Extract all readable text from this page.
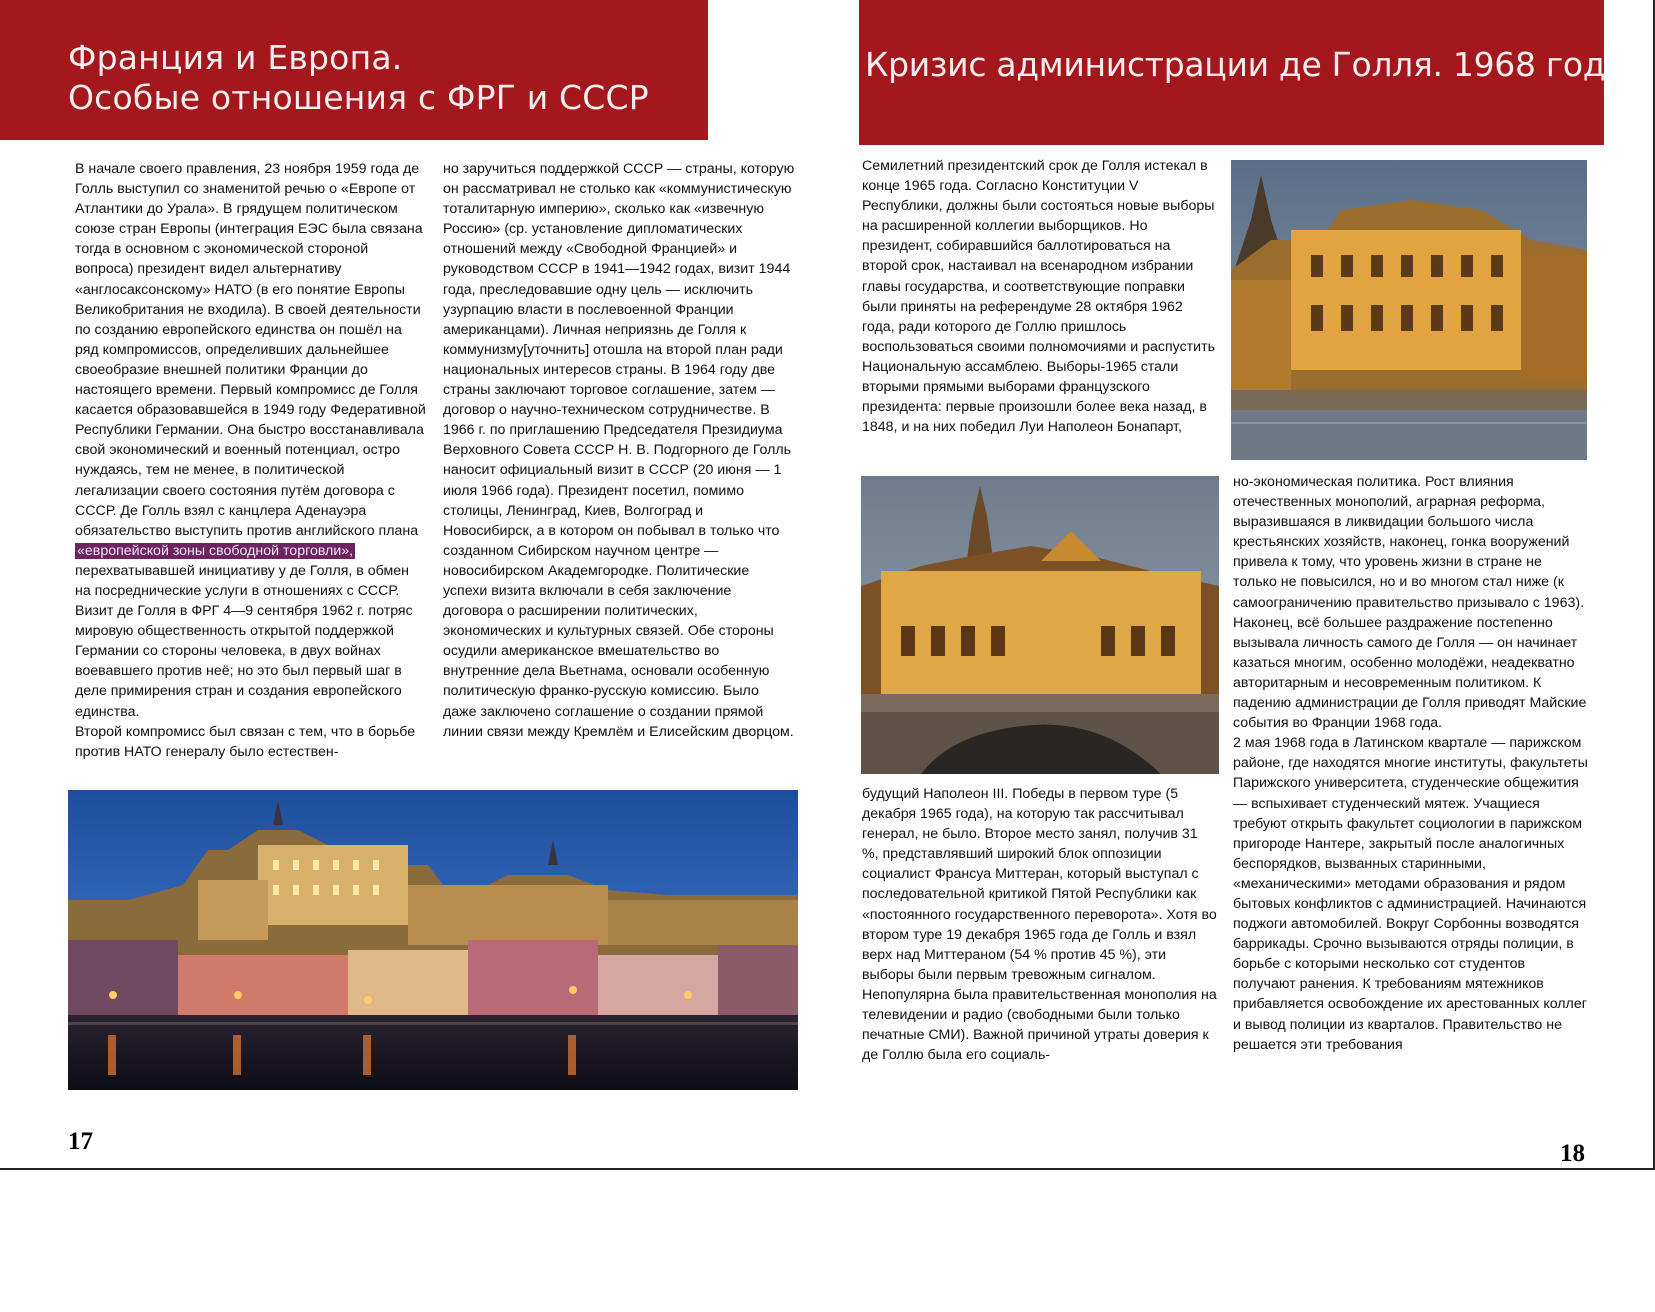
Франция и Европа.
Особые отношения с ФРГ и СССР
Кризис администрации де Голля. 1968 год

В начале своего правления, 23 ноября 1959 года де Голль выступил со знаменитой речью о «Европе от Атлантики до Урала». В грядущем политическом союзе стран Европы (интеграция ЕЭС была связана тогда в основном с экономической стороной вопроса) президент видел альтернативу «англосаксонскому» НАТО (в его понятие Европы Великобритания не входила). В своей деятельности по созданию европейского единства он пошёл на ряд компромиссов, определивших дальнейшее своеобразие внешней политики Франции до настоящего времени. Первый компромисс де Голля касается образовавшейся в 1949 году Федеративной Республики Германии. Она быстро восстанавливала свой экономический и военный потенциал, остро нуждаясь, тем не менее, в политической легализации своего состояния путём договора с СССР. Де Голль взял с канцлера Аденауэра обязательство выступить против английского плана «европейской зоны свободной торговли», перехватывавшей инициативу у де Голля, в обмен на посреднические услуги в отношениях с СССР. Визит де Голля в ФРГ 4—9 сентября 1962 г. потряс мировую общественность открытой поддержкой Германии со стороны человека, в двух войнах воевавшего против неё; но это был первый шаг в деле примирения стран и создания европейского единства.

Второй компромисс был связан с тем, что в борьбе против НАТО генералу было естествен-

но заручиться поддержкой СССР — страны, которую он рассматривал не столько как «коммунистическую тоталитарную империю», сколько как «извечную Россию» (ср. установление дипломатических отношений между «Свободной Францией» и руководством СССР в 1941—1942 годах, визит 1944 года, преследовавшие одну цель — исключить узурпацию власти в послевоенной Франции американцами). Личная неприязнь де Голля к коммунизму[уточнить] отошла на второй план ради национальных интересов страны. В 1964 году две страны заключают торговое соглашение, затем — договор о научно-техническом сотрудничестве. В 1966 г. по приглашению Председателя Президиума Верховного Совета СССР Н. В. Подгорного де Голль наносит официальный визит в СССР (20 июня — 1 июля 1966 года). Президент посетил, помимо столицы, Ленинград, Киев, Волгоград и Новосибирск, а в котором он побывал в только что созданном Сибирском научном центре — новосибирском Академгородке. Политические успехи визита включали в себя заключение договора о расширении политических, экономических и культурных связей. Обе стороны осудили американское вмешательство во внутренние дела Вьетнама, основали особенную политическую франко-русскую комиссию. Было даже заключено соглашение о создании прямой линии связи между Кремлём и Елисейским дворцом.

17

Семилетний президентский срок де Голля истекал в конце 1965 года. Согласно Конституции V Республики, должны были состояться новые выборы на расширенной коллегии выборщиков. Но президент, собиравшийся баллотироваться на второй срок, настаивал на всенародном избрании главы государства, и соответствующие поправки были приняты на референдуме 28 октября 1962 года, ради которого де Голлю пришлось воспользоваться своими полномочиями и распустить Национальную ассамблею. Выборы-1965 стали вторыми прямыми выборами французского президента: первые произошли более века назад, в 1848, и на них победил Луи Наполеон Бонапарт,

будущий Наполеон III. Победы в первом туре (5 декабря 1965 года), на которую так рассчитывал генерал, не было. Второе место занял, получив 31 %, представлявший широкий блок оппозиции социалист Франсуа Миттеран, который выступал с последовательной критикой Пятой Республики как «постоянного государственного переворота». Хотя во втором туре 19 декабря 1965 года де Голль и взял верх над Миттераном (54 % против 45 %), эти выборы были первым тревожным сигналом.

Непопулярна была правительственная монополия на телевидении и радио (свободными были только печатные СМИ). Важной причиной утраты доверия к де Голлю была его социаль-

но-экономическая политика. Рост влияния отечественных монополий, аграрная реформа, выразившаяся в ликвидации большого числа крестьянских хозяйств, наконец, гонка вооружений привела к тому, что уровень жизни в стране не только не повысился, но и во многом стал ниже (к самоограничению правительство призывало с 1963). Наконец, всё большее раздражение постепенно вызывала личность самого де Голля — он начинает казаться многим, особенно молодёжи, неадекватно авторитарным и несовременным политиком. К падению администрации де Голля приводят Майские события во Франции 1968 года.

2 мая 1968 года в Латинском квартале — парижском районе, где находятся многие институты, факультеты Парижского университета, студенческие общежития — вспыхивает студенческий мятеж. Учащиеся требуют открыть факультет социологии в парижском пригороде Нантере, закрытый после аналогичных беспорядков, вызванных старинными, «механическими» методами образования и рядом бытовых конфликтов с администрацией. Начинаются поджоги автомобилей. Вокруг Сорбонны возводятся баррикады. Срочно вызываются отряды полиции, в борьбе с которыми несколько сот студентов получают ранения. К требованиям мятежников прибавляется освобождение их арестованных коллег и вывод полиции из кварталов. Правительство не решается эти требования

18
